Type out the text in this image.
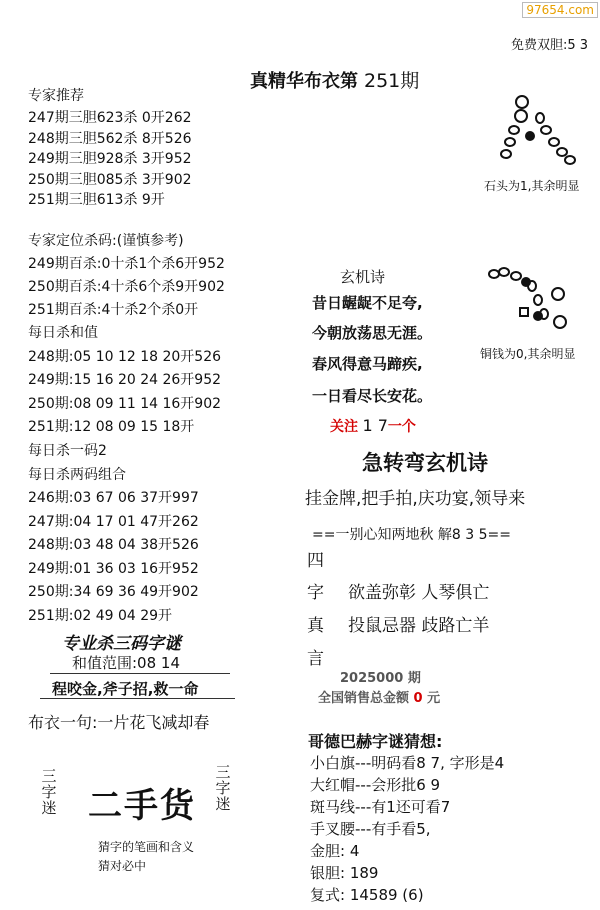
97654.com
免费双胆:5 3
真精华布衣第 251期
专家推荐
247期三胆623杀 0开262
248期三胆562杀 8开526
249期三胆928杀 3开952
250期三胆085杀 3开902
251期三胆613杀 9开
专家定位杀码:(谨慎参考)
249期百杀:0十杀1个杀6开952
250期百杀:4十杀6个杀9开902
251期百杀:4十杀2个杀0开
每日杀和值
248期:05 10 12 18 20开526
249期:15 16 20 24 26开952
250期:08 09 11 14 16开902
251期:12 08 09 15 18开
每日杀一码2
每日杀两码组合
246期:03 67 06 37开997
247期:04 17 01 47开262
248期:03 48 04 38开526
249期:01 36 03 16开952
250期:34 69 36 49开902
251期:02 49 04 29开
专业杀三码字谜
和值范围:08 14
程咬金,斧子招,救一命
布衣一句:一片花飞减却春
三字迷 二手货
三字迷
猜字的笔画和含义
猜对必中
石头为1,其余明显
铜钱为0,其余明显
玄机诗
昔日龌龊不足夸,
今朝放荡思无涯。
春风得意马蹄疾,
一日看尽长安花。
关注 1 7一个
急转弯玄机诗
挂金牌,把手拍,庆功宴,领导来
==一别心知两地秋 解8 3 5==
四
字
真
言
欲盖弥彰 人琴俱亡
投鼠忌器 歧路亡羊
2025000 期
全国销售总金额 0 元
哥德巴赫字谜猜想:
小白旗---明码看8 7, 字形是4
大红帽---会形批6 9
斑马线---有1还可看7
手叉腰---有手看5,
金胆: 4
银胆: 189
复式: 14589 (6)
